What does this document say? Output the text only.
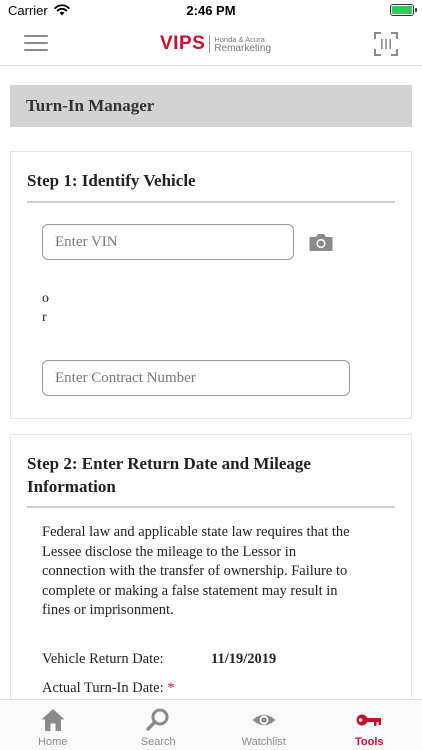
Carrier	2:46 PM
VIPS Honda & Acura
Remarketing
Turn-In Manager
Step 1: Identify Vehicle
Enter VIN
or
Enter Contract Number
Step 2: Enter Return Date and Mileage Information

Federal law and applicable state law requires that the Lessee disclose the mileage to the Lessor in connection with the transfer of ownership. Failure to complete or making a false statement may result in fines or imprisonment.

Vehicle Return Date:	11/19/2019
Actual Turn-In Date: *
Home	Search	Watchlist	Tools
